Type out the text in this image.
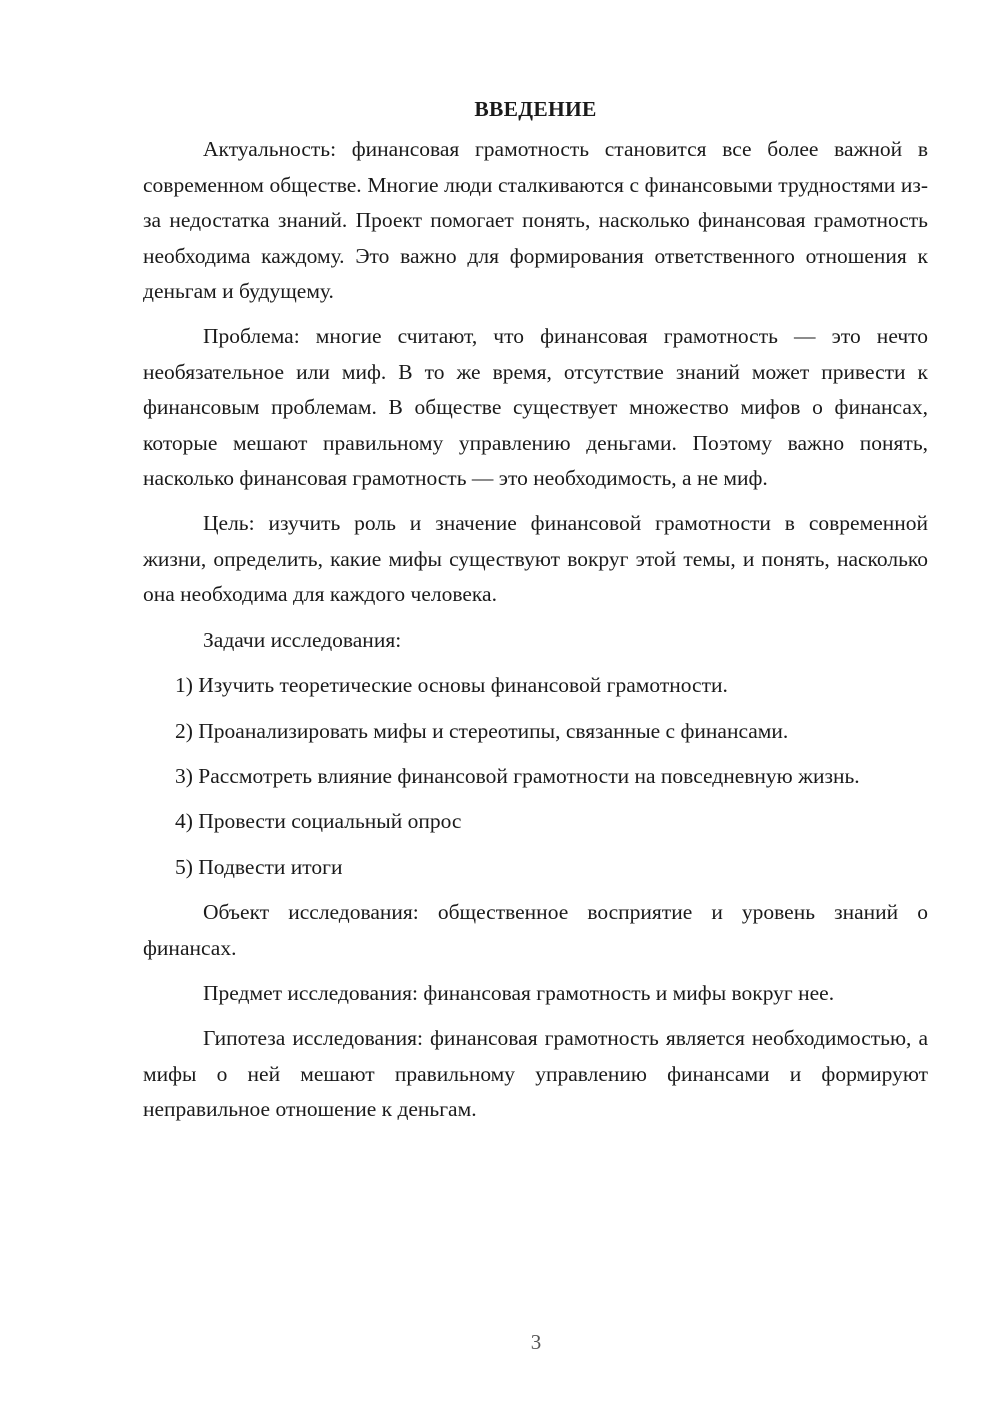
ВВЕДЕНИЕ

Актуальность: финансовая грамотность становится все более важной в современном обществе. Многие люди сталкиваются с финансовыми трудностями из-за недостатка знаний. Проект помогает понять, насколько финансовая грамотность необходима каждому. Это важно для формирования ответственного отношения к деньгам и будущему.

Проблема: многие считают, что финансовая грамотность — это нечто необязательное или миф. В то же время, отсутствие знаний может привести к финансовым проблемам. В обществе существует множество мифов о финансах, которые мешают правильному управлению деньгами. Поэтому важно понять, насколько финансовая грамотность — это необходимость, а не миф.

Цель: изучить роль и значение финансовой грамотности в современной жизни, определить, какие мифы существуют вокруг этой темы, и понять, насколько она необходима для каждого человека.

Задачи исследования:

1) Изучить теоретические основы финансовой грамотности.

2) Проанализировать мифы и стереотипы, связанные с финансами.

3) Рассмотреть влияние финансовой грамотности на повседневную жизнь.

4) Провести социальный опрос

5) Подвести итоги

Объект исследования: общественное восприятие и уровень знаний о финансах.

Предмет исследования: финансовая грамотность и мифы вокруг нее.

Гипотеза исследования: финансовая грамотность является необходимостью, а мифы о ней мешают правильному управлению финансами и формируют неправильное отношение к деньгам.

3
